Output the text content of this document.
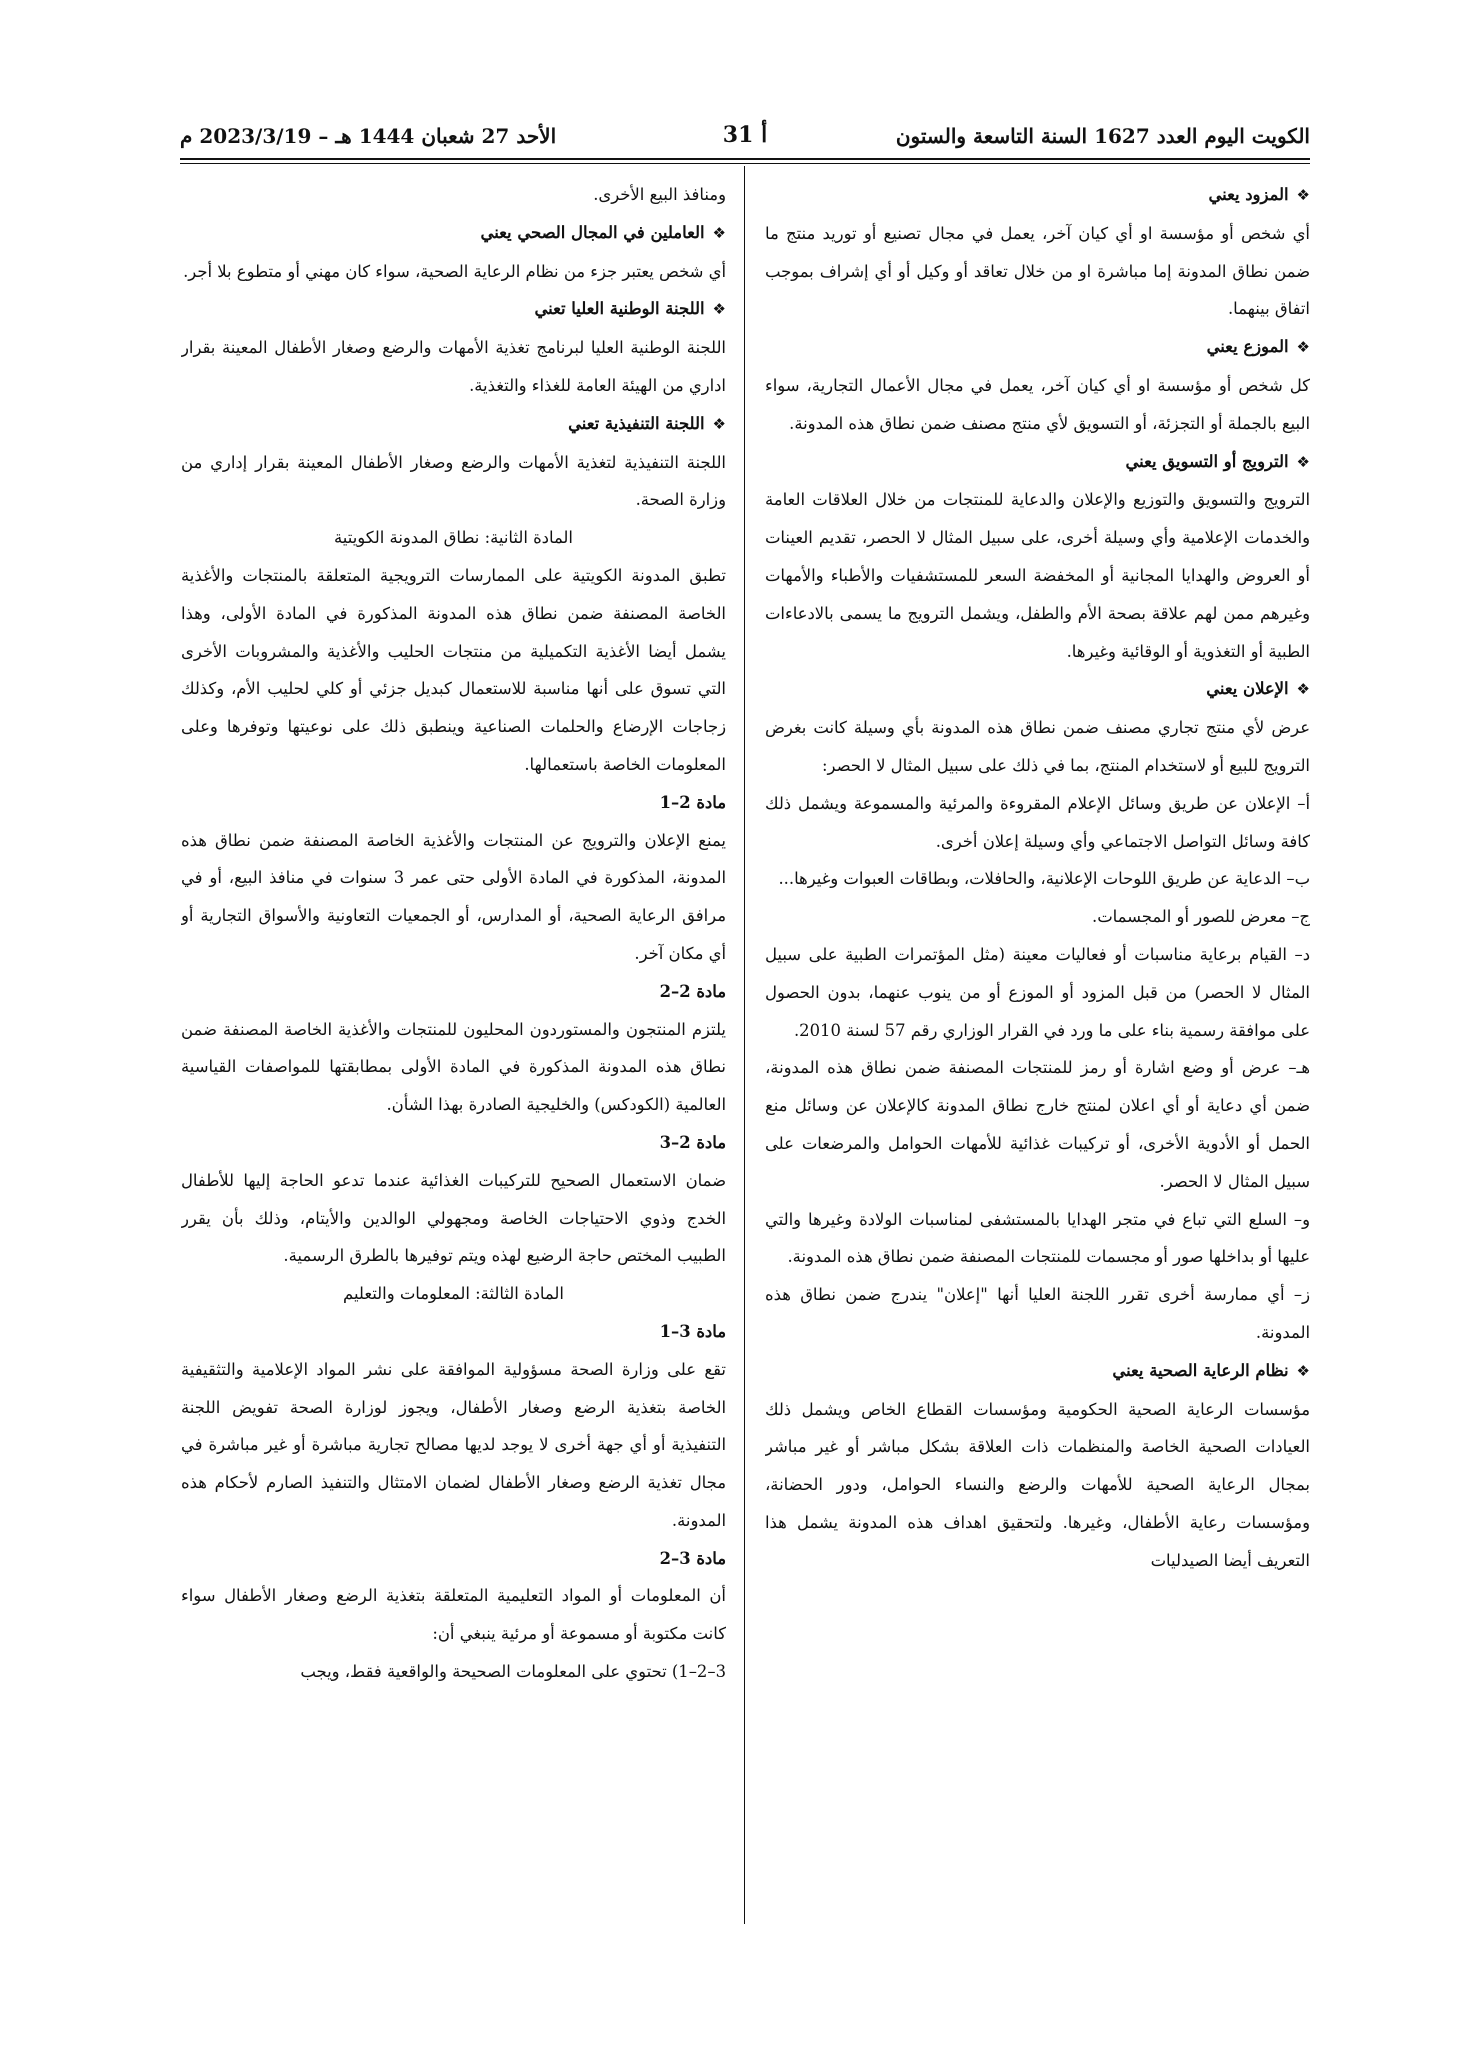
الكويت اليوم العدد 1627 السنة التاسعة والستون
أ 31
الأحد 27 شعبان 1444 هـ – 2023/3/19 م

❖المزود يعني

أي شخص أو مؤسسة او أي كيان آخر، يعمل في مجال تصنيع أو توريد منتج ما ضمن نطاق المدونة إما مباشرة او من خلال تعاقد أو وكيل أو أي إشراف بموجب اتفاق بينهما.

❖الموزع يعني

كل شخص أو مؤسسة او أي كيان آخر، يعمل في مجال الأعمال التجارية، سواء البيع بالجملة أو التجزئة، أو التسويق لأي منتج مصنف ضمن نطاق هذه المدونة.

❖الترويج أو التسويق يعني

الترويج والتسويق والتوزيع والإعلان والدعاية للمنتجات من خلال العلاقات العامة والخدمات الإعلامية وأي وسيلة أخرى، على سبيل المثال لا الحصر، تقديم العينات أو العروض والهدايا المجانية أو المخفضة السعر للمستشفيات والأطباء والأمهات وغيرهم ممن لهم علاقة بصحة الأم والطفل، ويشمل الترويج ما يسمى بالادعاءات الطبية أو التغذوية أو الوقائية وغيرها.

❖الإعلان يعني

عرض لأي منتج تجاري مصنف ضمن نطاق هذه المدونة بأي وسيلة كانت بغرض الترويج للبيع أو لاستخدام المنتج، بما في ذلك على سبيل المثال لا الحصر:

أ– الإعلان عن طريق وسائل الإعلام المقروءة والمرئية والمسموعة ويشمل ذلك كافة وسائل التواصل الاجتماعي وأي وسيلة إعلان أخرى.

ب– الدعاية عن طريق اللوحات الإعلانية، والحافلات، وبطاقات العبوات وغيرها...

ج– معرض للصور أو المجسمات.

د– القيام برعاية مناسبات أو فعاليات معينة (مثل المؤتمرات الطبية على سبيل المثال لا الحصر) من قبل المزود أو الموزع أو من ينوب عنهما، بدون الحصول على موافقة رسمية بناء على ما ورد في القرار الوزاري رقم 57 لسنة 2010.

هـ– عرض أو وضع اشارة أو رمز للمنتجات المصنفة ضمن نطاق هذه المدونة، ضمن أي دعاية أو أي اعلان لمنتج خارج نطاق المدونة كالإعلان عن وسائل منع الحمل أو الأدوية الأخرى، أو تركيبات غذائية للأمهات الحوامل والمرضعات على سبيل المثال لا الحصر.

و– السلع التي تباع في متجر الهدايا بالمستشفى لمناسبات الولادة وغيرها والتي عليها أو بداخلها صور أو مجسمات للمنتجات المصنفة ضمن نطاق هذه المدونة.

ز– أي ممارسة أخرى تقرر اللجنة العليا أنها "إعلان" يندرج ضمن نطاق هذه المدونة.

❖نظام الرعاية الصحية يعني

مؤسسات الرعاية الصحية الحكومية ومؤسسات القطاع الخاص ويشمل ذلك العيادات الصحية الخاصة والمنظمات ذات العلاقة بشكل مباشر أو غير مباشر بمجال الرعاية الصحية للأمهات والرضع والنساء الحوامل، ودور الحضانة، ومؤسسات رعاية الأطفال، وغيرها. ولتحقيق اهداف هذه المدونة يشمل هذا التعريف أيضا الصيدليات

ومنافذ البيع الأخرى.

❖العاملين في المجال الصحي يعني

أي شخص يعتبر جزء من نظام الرعاية الصحية، سواء كان مهني أو متطوع بلا أجر.

❖اللجنة الوطنية العليا تعني

اللجنة الوطنية العليا لبرنامج تغذية الأمهات والرضع وصغار الأطفال المعينة بقرار اداري من الهيئة العامة للغذاء والتغذية.

❖اللجنة التنفيذية تعني

اللجنة التنفيذية لتغذية الأمهات والرضع وصغار الأطفال المعينة بقرار إداري من وزارة الصحة.

المادة الثانية: نطاق المدونة الكويتية

تطبق المدونة الكويتية على الممارسات الترويجية المتعلقة بالمنتجات والأغذية الخاصة المصنفة ضمن نطاق هذه المدونة المذكورة في المادة الأولى، وهذا يشمل أيضا الأغذية التكميلية من منتجات الحليب والأغذية والمشروبات الأخرى التي تسوق على أنها مناسبة للاستعمال كبديل جزئي أو كلي لحليب الأم، وكذلك زجاجات الإرضاع والحلمات الصناعية وينطبق ذلك على نوعيتها وتوفرها وعلى المعلومات الخاصة باستعمالها.

مادة 2–1

يمنع الإعلان والترويج عن المنتجات والأغذية الخاصة المصنفة ضمن نطاق هذه المدونة، المذكورة في المادة الأولى حتى عمر 3 سنوات في منافذ البيع، أو في مرافق الرعاية الصحية، أو المدارس، أو الجمعيات التعاونية والأسواق التجارية أو أي مكان آخر.

مادة 2–2

يلتزم المنتجون والمستوردون المحليون للمنتجات والأغذية الخاصة المصنفة ضمن نطاق هذه المدونة المذكورة في المادة الأولى بمطابقتها للمواصفات القياسية العالمية (الكودكس) والخليجية الصادرة بهذا الشأن.

مادة 2–3

ضمان الاستعمال الصحيح للتركيبات الغذائية عندما تدعو الحاجة إليها للأطفال الخدج وذوي الاحتياجات الخاصة ومجهولي الوالدين والأيتام، وذلك بأن يقرر الطبيب المختص حاجة الرضيع لهذه ويتم توفيرها بالطرق الرسمية.

المادة الثالثة: المعلومات والتعليم

مادة 3–1

تقع على وزارة الصحة مسؤولية الموافقة على نشر المواد الإعلامية والتثقيفية الخاصة بتغذية الرضع وصغار الأطفال، ويجوز لوزارة الصحة تفويض اللجنة التنفيذية أو أي جهة أخرى لا يوجد لديها مصالح تجارية مباشرة أو غير مباشرة في مجال تغذية الرضع وصغار الأطفال لضمان الامتثال والتنفيذ الصارم لأحكام هذه المدونة.

مادة 3–2

أن المعلومات أو المواد التعليمية المتعلقة بتغذية الرضع وصغار الأطفال سواء كانت مكتوبة أو مسموعة أو مرئية ينبغي أن:

3–2–1) تحتوي على المعلومات الصحيحة والواقعية فقط، ويجب
